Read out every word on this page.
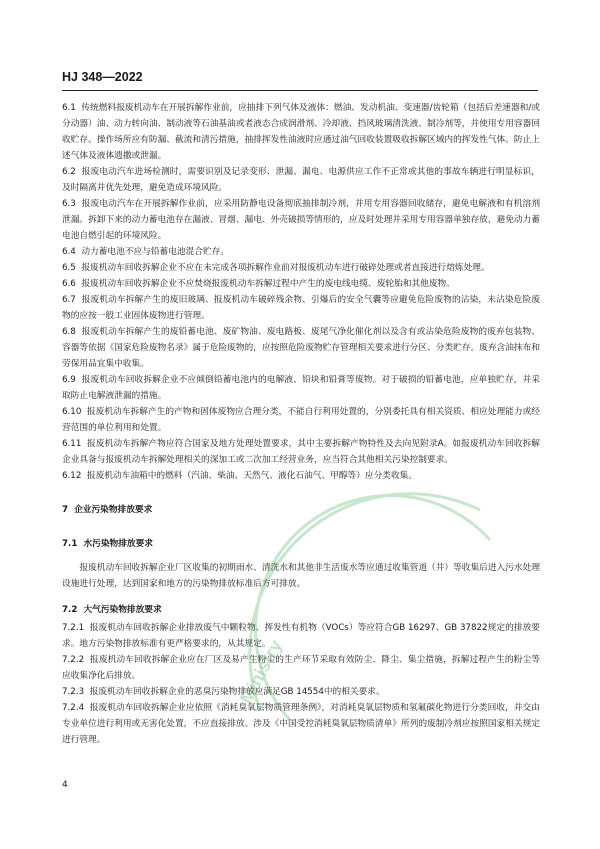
HJ 348—2022

6.1 传统燃料报废机动车在开展拆解作业前，应抽排下列气体及液体：燃油、发动机油、变速器/齿轮箱（包括后差速器和/或分动器）油、动力转向油、制动液等石油基油或者液态合成润滑剂、冷却液、挡风玻璃清洗液、制冷剂等，并使用专用容器回收贮存。操作场所应有防漏、截流和清污措施，抽排挥发性油液时应通过油气回收装置吸收拆解区域内的挥发性气体。防止上述气体及液体遗撒或泄漏。

6.2 报废电动汽车进场检测时，需要识别及记录变形、泄漏、漏电、电源供应工作不正常或其他的事故车辆进行明显标识，及时隔离并优先处理，避免造成环境风险。

6.3 报废电动汽车在开展拆解作业前，应采用防静电设备彻底抽排制冷剂，并用专用容器回收储存，避免电解液和有机溶剂泄漏。拆卸下来的动力蓄电池存在漏液、冒烟、漏电、外壳破损等情形的，应及时处理并采用专用容器单独存放，避免动力蓄电池自燃引起的环境风险。

6.4 动力蓄电池不应与铅蓄电池混合贮存。

6.5 报废机动车回收拆解企业不应在未完成各项拆解作业前对报废机动车进行破碎处理或者直接进行熔炼处理。

6.6 报废机动车回收拆解企业不应焚烧报废机动车拆解过程中产生的废电线电缆、废轮胎和其他废物。

6.7 报废机动车拆解产生的废旧玻璃、报废机动车破碎残余物、引爆后的安全气囊等应避免危险废物的沾染，未沾染危险废物的应按一般工业固体废物进行管理。

6.8 报废机动车拆解产生的废铅蓄电池、废矿物油、废电路板、废尾气净化催化剂以及含有或沾染危险废物的废弃包装物、容器等依据《国家危险废物名录》属于危险废物的，应按照危险废物贮存管理相关要求进行分区、分类贮存。废弃含油抹布和劳保用品宜集中收集。

6.9 报废机动车回收拆解企业不应倾倒铅蓄电池内的电解液、铅块和铅膏等废物。对于破损的铅蓄电池，应单独贮存，并采取防止电解液泄漏的措施。

6.10 报废机动车拆解产生的产物和固体废物应合理分类，不能自行利用处置的，分别委托具有相关资质、相应处理能力或经营范围的单位利用和处置。

6.11 报废机动车拆解产物应符合国家及地方处理处置要求，其中主要拆解产物特性及去向见附录A。如报废机动车回收拆解企业具备与报废机动车拆解处理相关的深加工或二次加工经营业务，应当符合其他相关污染控制要求。

6.12 报废机动车油箱中的燃料（汽油、柴油、天然气、液化石油气、甲醇等）应分类收集。

7 企业污染物排放要求

7.1 水污染物排放要求

报废机动车回收拆解企业厂区收集的初期雨水、清洗水和其他非生活废水等应通过收集管道（井）等收集后进入污水处理设施进行处理，达到国家和地方的污染物排放标准后方可排放。

7.2 大气污染物排放要求

7.2.1 报废机动车回收拆解企业排放废气中颗粒物、挥发性有机物（VOCs）等应符合GB 16297、GB 37822规定的排放要求。地方污染物排放标准有更严格要求的，从其规定。

7.2.2 报废机动车回收拆解企业应在厂区及易产生粉尘的生产环节采取有效防尘、降尘、集尘措施，拆解过程产生的粉尘等应收集净化后排放。

7.2.3 报废机动车回收拆解企业的恶臭污染物排放应满足GB 14554中的相关要求。

7.2.4 报废机动车回收拆解企业应依照《消耗臭氧层物质管理条例》，对消耗臭氧层物质和氢氟碳化物进行分类回收，并交由专业单位进行利用或无害化处置，不应直接排放。涉及《中国受控消耗臭氧层物质清单》所列的废制冷剂应按照国家相关规定进行管理。

Ministry
4
